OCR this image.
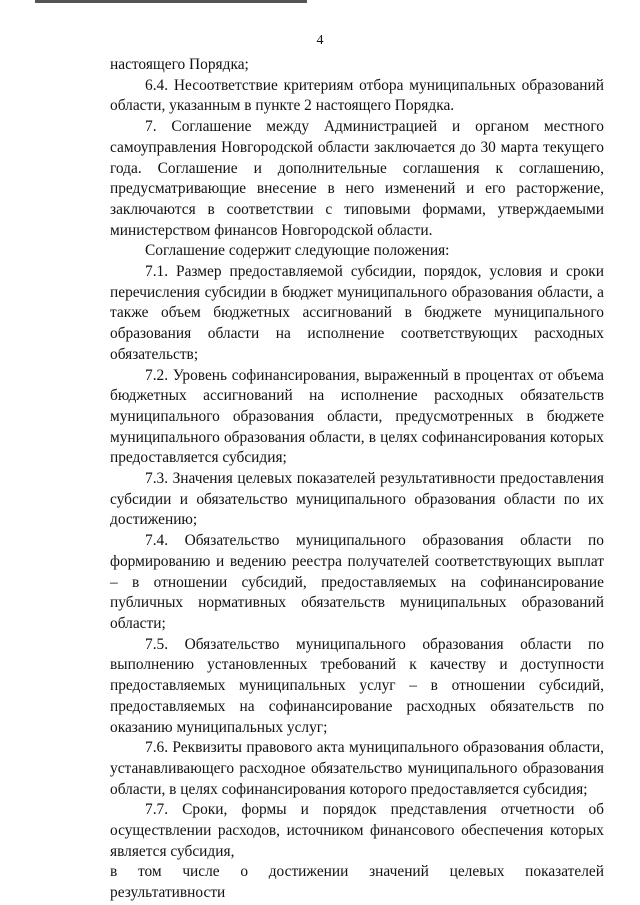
4

настоящего Порядка;

6.4. Несоответствие критериям отбора муниципальных образований области, указанным в пункте 2 настоящего Порядка.

7. Соглашение между Администрацией и органом местного самоуправления Новгородской области заключается до 30 марта текущего года. Соглашение и дополнительные соглашения к соглашению, предусматривающие внесение в него изменений и его расторжение, заключаются в соответствии с типовыми формами, утверждаемыми министерством финансов Новгородской области.

Соглашение содержит следующие положения:

7.1. Размер предоставляемой субсидии, порядок, условия и сроки перечисления субсидии в бюджет муниципального образования области, а также объем бюджетных ассигнований в бюджете муниципального образования области на исполнение соответствующих расходных обязательств;

7.2. Уровень софинансирования, выраженный в процентах от объема бюджетных ассигнований на исполнение расходных обязательств муниципального образования области, предусмотренных в бюджете муниципального образования области, в целях софинансирования которых предоставляется субсидия;

7.3. Значения целевых показателей результативности предоставления субсидии и обязательство муниципального образования области по их достижению;

7.4. Обязательство муниципального образования области по формированию и ведению реестра получателей соответствующих выплат – в отношении субсидий, предоставляемых на софинансирование публичных нормативных обязательств муниципальных образований области;

7.5. Обязательство муниципального образования области по выполнению установленных требований к качеству и доступности предоставляемых муниципальных услуг – в отношении субсидий, предоставляемых на софинансирование расходных обязательств по оказанию муниципальных услуг;

7.6. Реквизиты правового акта муниципального образования области, устанавливающего расходное обязательство муниципального образования области, в целях софинансирования которого предоставляется субсидия;

7.7. Сроки, формы и порядок представления отчетности об осуществлении расходов, источником финансового обеспечения которых является субсидия,

в том числе о достижении значений целевых показателей результативности
